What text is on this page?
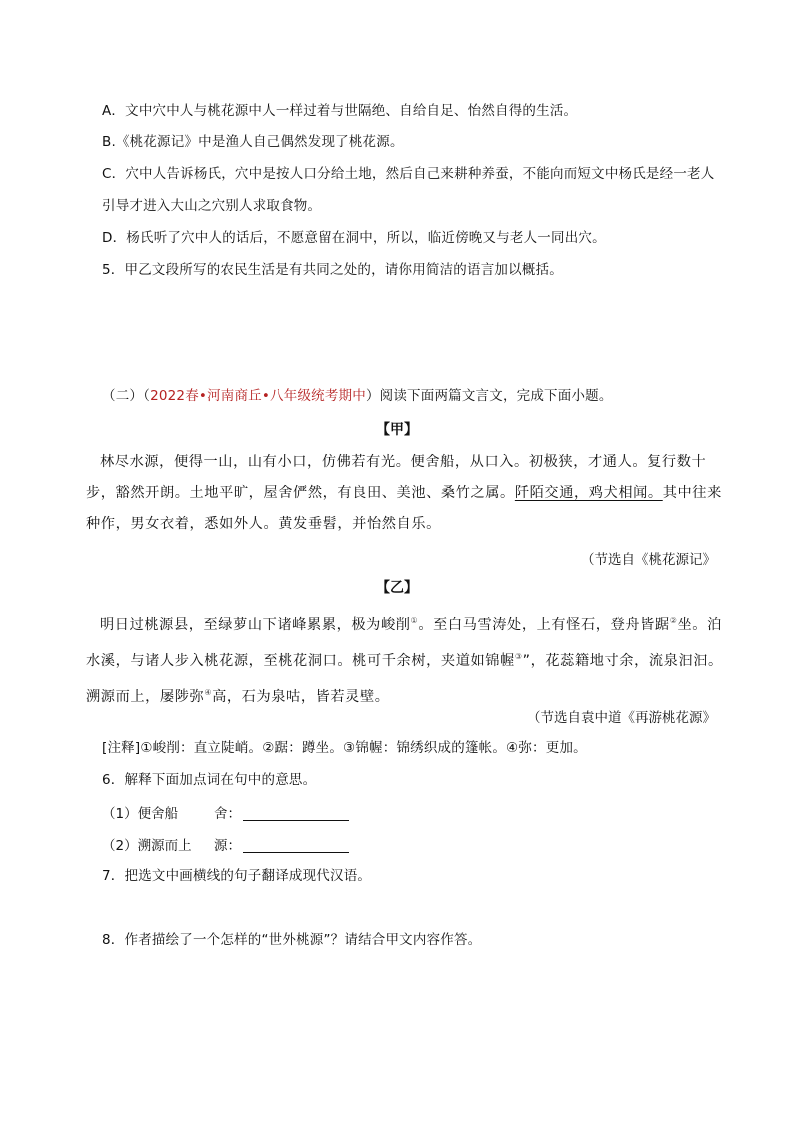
A．文中穴中人与桃花源中人一样过着与世隔绝、自给自足、怡然自得的生活。
B.《桃花源记》中是渔人自己偶然发现了桃花源。
C．穴中人告诉杨氏，穴中是按人口分给土地，然后自己来耕种养蚕，不能向而短文中杨氏是经一老人
引导才进入大山之穴别人求取食物。
D．杨氏听了穴中人的话后，不愿意留在洞中，所以，临近傍晚又与老人一同出穴。
5．甲乙文段所写的农民生活是有共同之处的，请你用简洁的语言加以概括。
（二）（2022春•河南商丘•八年级统考期中）阅读下面两篇文言文，完成下面小题。
【甲】
林尽水源，便得一山，山有小口，仿佛若有光。便舍船，从口入。初极狭，才通人。复行数十步，豁然开朗。土地平旷，屋舍俨然，有良田、美池、桑竹之属。阡陌交通，鸡犬相闻。其中往来种作，男女衣着，悉如外人。黄发垂髫，并怡然自乐。
（节选自《桃花源记》
【乙】
明日过桃源县，至绿萝山下诸峰累累，极为峻削①。至白马雪涛处，上有怪石，登舟皆踞②坐。泊水溪，与诸人步入桃花源，至桃花洞口。桃可千余树，夹道如锦幄③”，花蕊籍地寸余，流泉汩汩。溯源而上，屡陟弥④高，石为泉咕，皆若灵壁。
（节选自袁中道《再游桃花源》
[注释]①峻削：直立陡峭。②踞：蹲坐。③锦幄：锦绣织成的篷帐。④弥：更加。
6．解释下面加点词在句中的意思。
（1）便舍船	舍：
（2）溯源而上 源：
7．把选文中画横线的句子翻译成现代汉语。
8．作者描绘了一个怎样的“世外桃源”？请结合甲文内容作答。
